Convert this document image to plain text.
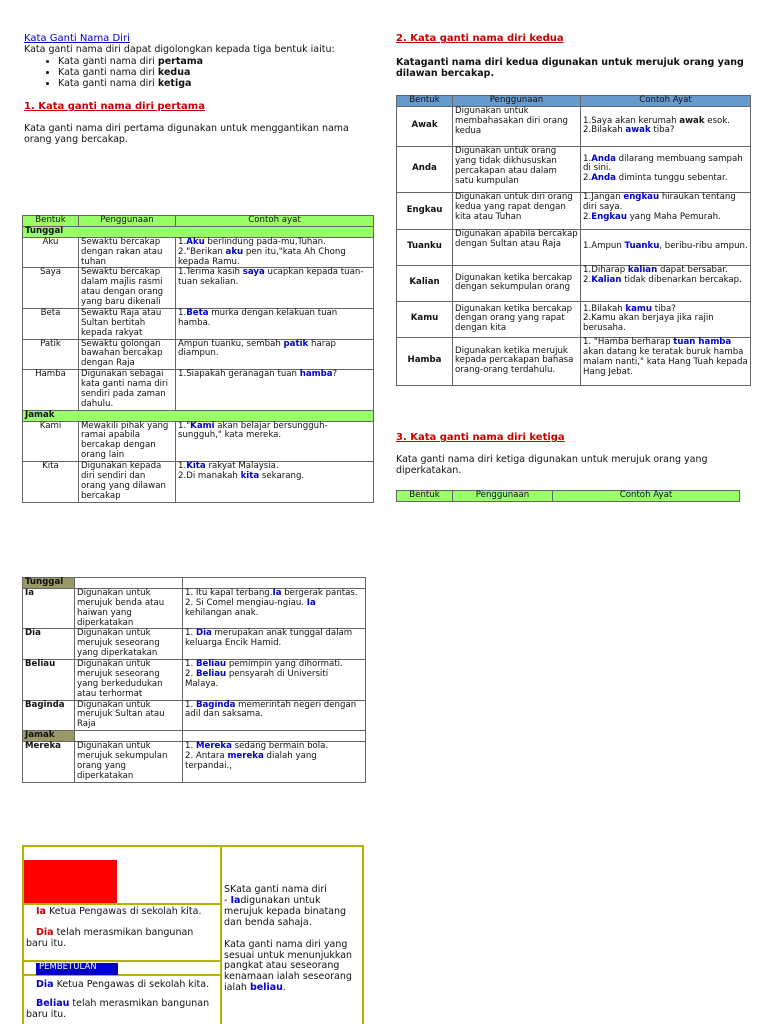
Kata Ganti Nama Diri
Kata ganti nama diri dapat digolongkan kepada tiga bentuk iaitu:
• Kata ganti nama diri pertama
• Kata ganti nama diri kedua
• Kata ganti nama diri ketiga
1. Kata ganti nama diri pertama
Kata ganti nama diri pertama digunakan untuk menggantikan nama orang yang bercakap.
Bentuk	Penggunaan	Contoh ayat
Tunggal		
Aku	Sewaktu bercakap dengan rakan atau tuhan	1.Aku berlindung pada-mu,Tuhan.
2."Berikan aku pen itu,"kata Ah Chong kepada Ramu.
Saya	Sewaktu bercakap dalam majlis rasmi atau dengan orang yang baru dikenali	1.Terima kasih saya ucapkan kepada tuan-tuan sekalian.
Beta	Sewaktu Raja atau Sultan bertitah kepada rakyat	1.Beta murka dengan kelakuan tuan hamba.
Patik	Sewaktu golongan bawahan bercakap dengan Raja	Ampun tuanku, sembah patik harap diampun.
Hamba	Digunakan sebagai kata ganti nama diri sendiri pada zaman dahulu.	1.Siapakah geranagan tuan hamba?
Jamak		
Kami	Mewakili pihak yang ramai apabila bercakap dengan orang lain	1."Kami akan belajar bersungguh-sungguh," kata mereka.
Kita	Digunakan kepada diri sendiri dan orang yang dilawan bercakap	1.Kita rakyat Malaysia.
2.Di manakah kita sekarang.
2. Kata ganti nama diri kedua
Kataganti nama diri kedua digunakan untuk merujuk orang yang dilawan bercakap.
Bentuk	Penggunaan	Contoh Ayat
Awak	Digunakan untuk membahasakan diri orang kedua	1.Saya akan kerumah awak esok.
2.Bilakah awak tiba?
Anda	Digunakan untuk orang yang tidak dikhususkan percakapan atau dalam satu kumpulan	1.Anda dilarang membuang sampah di sini.
2.Anda diminta tunggu sebentar.
Engkau	Digunakan untuk diri orang kedua yang rapat dengan kita atau Tuhan	1.Jangan engkau hiraukan tentang diri saya.
2.Engkau yang Maha Pemurah.
Tuanku	Digunakan apabila bercakap dengan Sultan atau Raja	1.Ampun Tuanku, beribu-ribu ampun.
Kalian	Digunakan ketika bercakap dengan sekumpulan orang	1.Diharap kalian dapat bersabar.
2.Kalian tidak dibenarkan bercakap.
Kamu	Digunakan ketika bercakap dengan orang yang rapat dengan kita	1.Bilakah kamu tiba?
2.Kamu akan berjaya jika rajin berusaha.
Hamba	Digunakan ketika merujuk kepada percakapan bahasa orang-orang terdahulu.	1. "Hamba berharap tuan hamba akan datang ke teratak buruk hamba malam nanti," kata Hang Tuah kepada Hang Jebat.
3. Kata ganti nama diri ketiga
Kata ganti nama diri ketiga digunakan untuk merujuk orang yang diperkatakan.
Bentuk	Penggunaan	Contoh Ayat
Tunggal		
Ia	Digunakan untuk merujuk benda atau haiwan yang diperkatakan	1. Itu kapal terbang.Ia bergerak pantas.
2. Si Comel mengiau-ngiau. Ia kehilangan anak.
Dia	Digunakan untuk merujuk seseorang yang diperkatakan	1. Dia merupakan anak tunggal dalam keluarga Encik Hamid.
Beliau	Digunakan untuk merujuk seseorang yang berkedudukan atau terhormat	1. Beliau pemimpin yang dihormati.
2. Beliau pensyarah di Universiti Malaya.
Baginda	Digunakan untuk merujuk Sultan atau Raja	1. Baginda memerintah negeri dengan adil dan saksama.
Jamak		
Mereka	Digunakan untuk merujuk sekumpulan orang yang diperkatakan	1. Mereka sedang bermain bola.
2. Antara mereka dialah yang terpandai.,
Ia Ketua Pengawas di sekolah kita.
Dia telah merasmikan bangunan baru itu.
PEMBETULAN
Dia Ketua Pengawas di sekolah kita.
Beliau telah merasmikan bangunan baru itu.
SKata ganti nama diri
- Iadigunakan untuk merujuk kepada binatang dan benda sahaja.

Kata ganti nama diri yang sesuai untuk menunjukkan pangkat atau seseorang kenamaan ialah seseorang ialah beliau.
